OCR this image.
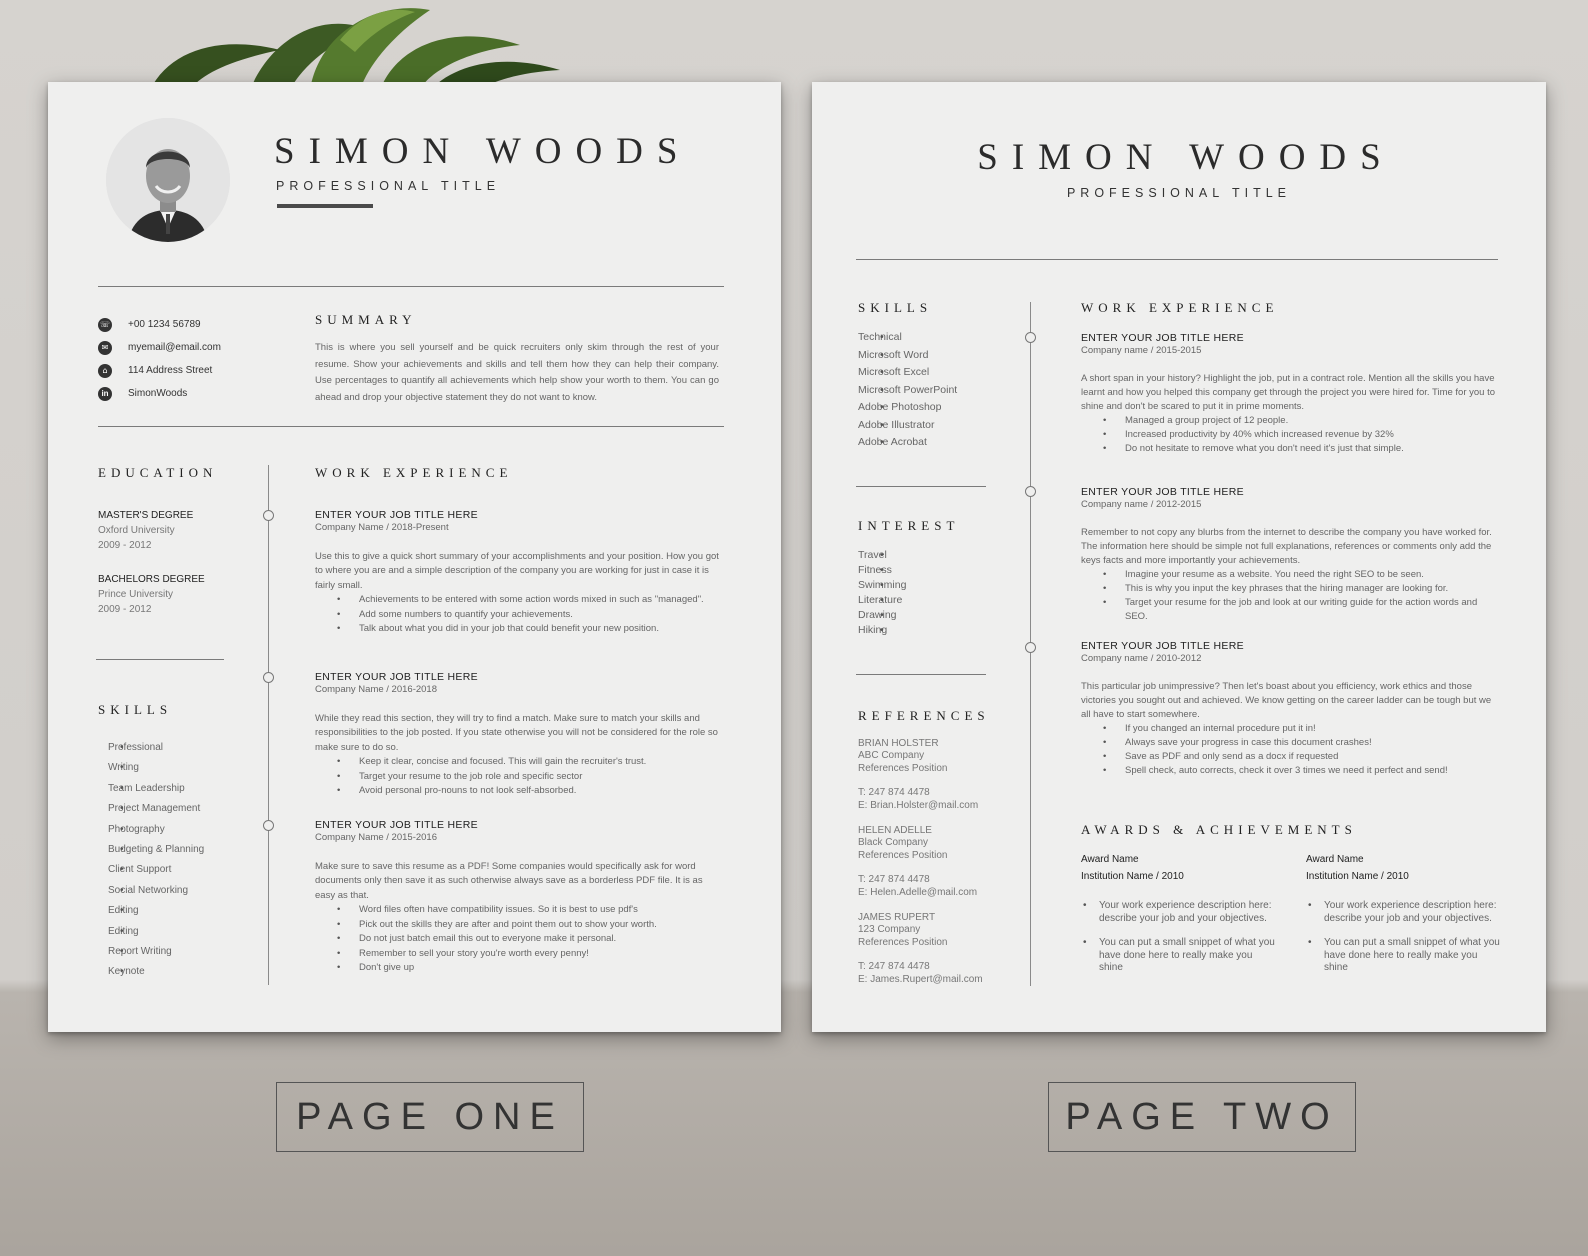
SIMON WOODS
PROFESSIONAL TITLE
☏ +00 1234 56789
✉	myemail@email.com
⌂	114 Address Street
in	SimonWoods
SUMMARY
This is where you sell yourself and be quick recruiters only skim through the rest of your resume. Show your achievements and skills and tell them how they can help their company. Use percentages to quantify all achievements which help show your worth to them. You can go ahead and drop your objective statement they do not want to know.
EDUCATION
MASTER'S DEGREE
Oxford University
2009 - 2012
BACHELORS DEGREE
Prince University
2009 - 2012
SKILLS
• Professional
• Writing
• Team Leadership
• Project Management
• Photography
• Budgeting & Planning
• Client Support
• Social Networking
• Editing
• Editing
• Report Writing
• Keynote
WORK EXPERIENCE
ENTER YOUR JOB TITLE HERE
Company Name / 2018-Present
Use this to give a quick short summary of your accomplishments and your position. How you got to where you are and a simple description of the company you are working for just in case it is fairly small.
• Achievements to be entered with some action words mixed in such as "managed".
• Add some numbers to quantify your achievements.
• Talk about what you did in your job that could benefit your new position.
ENTER YOUR JOB TITLE HERE
Company Name / 2016-2018
While they read this section, they will try to find a match. Make sure to match your skills and responsibilities to the job posted. If you state otherwise you will not be considered for the role so make sure to do so.
• Keep it clear, concise and focused. This will gain the recruiter's trust.
• Target your resume to the job role and specific sector
• Avoid personal pro-nouns to not look self-absorbed.
ENTER YOUR JOB TITLE HERE
Company Name / 2015-2016
Make sure to save this resume as a PDF! Some companies would specifically ask for word documents only then save it as such otherwise always save as a borderless PDF file. It is as easy as that.
• Word files often have compatibility issues. So it is best to use pdf's
• Pick out the skills they are after and point them out to show your worth.
• Do not just batch email this out to everyone make it personal.
• Remember to sell your story you're worth every penny!
• Don't give up
SIMON WOODS
PROFESSIONAL TITLE
SKILLS
• Technical
• Microsoft Word
• Microsoft Excel
• Microsoft PowerPoint
• Adobe Photoshop
• Adobe Illustrator
• Adobe Acrobat
INTEREST
• Travel
• Fitness
• Swimming
• Literature
• Drawing
• Hiking
REFERENCES
BRIAN HOLSTER
ABC Company
References Position
T: 247 874 4478
E: Brian.Holster@mail.com
HELEN ADELLE
Black Company
References Position
T: 247 874 4478
E: Helen.Adelle@mail.com
JAMES RUPERT
123 Company
References Position
T: 247 874 4478
E: James.Rupert@mail.com
WORK EXPERIENCE
ENTER YOUR JOB TITLE HERE
Company name / 2015-2015
A short span in your history? Highlight the job, put in a contract role. Mention all the skills you have learnt and how you helped this company get through the project you were hired for. Time for you to shine and don't be scared to put it in prime moments.
• Managed a group project of 12 people.
• Increased productivity by 40% which increased revenue by 32%
• Do not hesitate to remove what you don't need it's just that simple.
ENTER YOUR JOB TITLE HERE
Company name / 2012-2015
Remember to not copy any blurbs from the internet to describe the company you have worked for. The information here should be simple not full explanations, references or comments only add the keys facts and more importantly your achievements.
• Imagine your resume as a website. You need the right SEO to be seen.
• This is why you input the key phrases that the hiring manager are looking for.
• Target your resume for the job and look at our writing guide for the action words and SEO.
ENTER YOUR JOB TITLE HERE
Company name / 2010-2012
This particular job unimpressive? Then let's boast about you efficiency, work ethics and those victories you sought out and achieved. We know getting on the career ladder can be tough but we all have to start somewhere.
• If you changed an internal procedure put it in!
• Always save your progress in case this document crashes!
• Save as PDF and only send as a docx if requested
• Spell check, auto corrects, check it over 3 times we need it perfect and send!
AWARDS & ACHIEVEMENTS
Award Name
Institution Name / 2010
• Your work experience description here: describe your job and your objectives.
• You can put a small snippet of what you have done here to really make you shine
Award Name
Institution Name / 2010
• Your work experience description here: describe your job and your objectives.
• You can put a small snippet of what you have done here to really make you shine
PAGE ONE	PAGE TWO
